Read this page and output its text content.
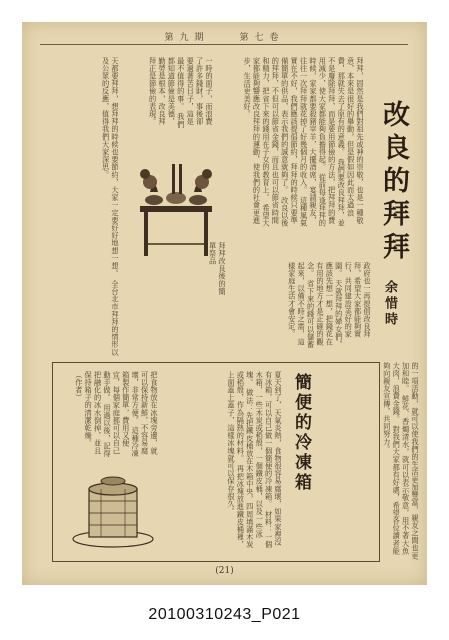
第九期　　第七卷
改良的拜拜
余惜時
拜拜，固然是我們對祖先或神的崇敬，也是一種敬意，本來是很好的舉動，但是假如因此而太過浪費，那就失去了原有的意義。 我們要改良拜拜，並不是廢除拜拜，而是要用節儉的方法，把拜拜的費用減少，使大家都能夠負擔得起。 從前每逢拜拜的時候，家家都要殺豬宰羊，大擺酒席，宴請親友，往往一次拜拜就花掉了好幾個月的收入。 這種風氣實在不好，我們應該提倡節約，拜拜的時候只要準備簡單的供品，表示我們的誠意就夠了。 改良以後的拜拜，不但可以節省金錢，而且也可以節省時間和精力，把省下來的錢用在子女的教育上。 希望大家都能夠響應改良拜拜的運動，使我們的社會更進步，生活更美好。
一時的面子，而浪費了許多錢財，事後卻要過著苦日子，這是最不值得的事。 我們都知道節儉是美德，勤勞是根本，改良拜拜正是節儉的表現。
拜拜改良後的簡單祭品
政府也一再提倡改良拜拜，希望大家都能夠實行，共同建設美好的家園。 天就拜拜的婦女們，應該先想一想，把錢花在有用的地方才是正確的觀念。 省下來的錢可以儲蓄起來，以備不時之需，這樣家庭生活才會安定。
天都要拜拜，想拜拜的時候也要節約，大家一定要好好地想一想。 全台北市拜拜的情形以及公眾的反應，值得我們大家深思。
的一項活動，就可以使我們的生活更加豐富，親友之間也更加和睦。 鮮花、香燭清水，就可以表示敬意，用不著大魚大肉，浪費金錢。 對我們大家都有好處，希望各位讀者能夠向親友宣傳，共同努力。
簡便的冷凍箱
夏天到了，天氣炎熱，食物很容易腐壞，如果家裡沒有冰箱，可以自己做一個簡便的冷凍箱。 材料：一個木箱，一些木炭或稻殼，一個鐵皮桶，以及一些冰塊。 做法：先把鐵皮桶放在木箱中央，四周填滿木炭或稻殼，作為隔熱的材料。 再把冰塊放進鐵皮桶裡，上面蓋上蓋子，這樣冰塊就可以保存很久。
把食物放在冰塊旁邊，就可以保持新鮮，不容易腐壞，非常方便。 這種冷凍箱製作簡單，費用又便宜，每個家庭都可以自己動手做。 用過以後，記得把融化的冰水倒掉，並且保持箱子的清潔乾燥。 （作者）
(21)
20100310243_P021
